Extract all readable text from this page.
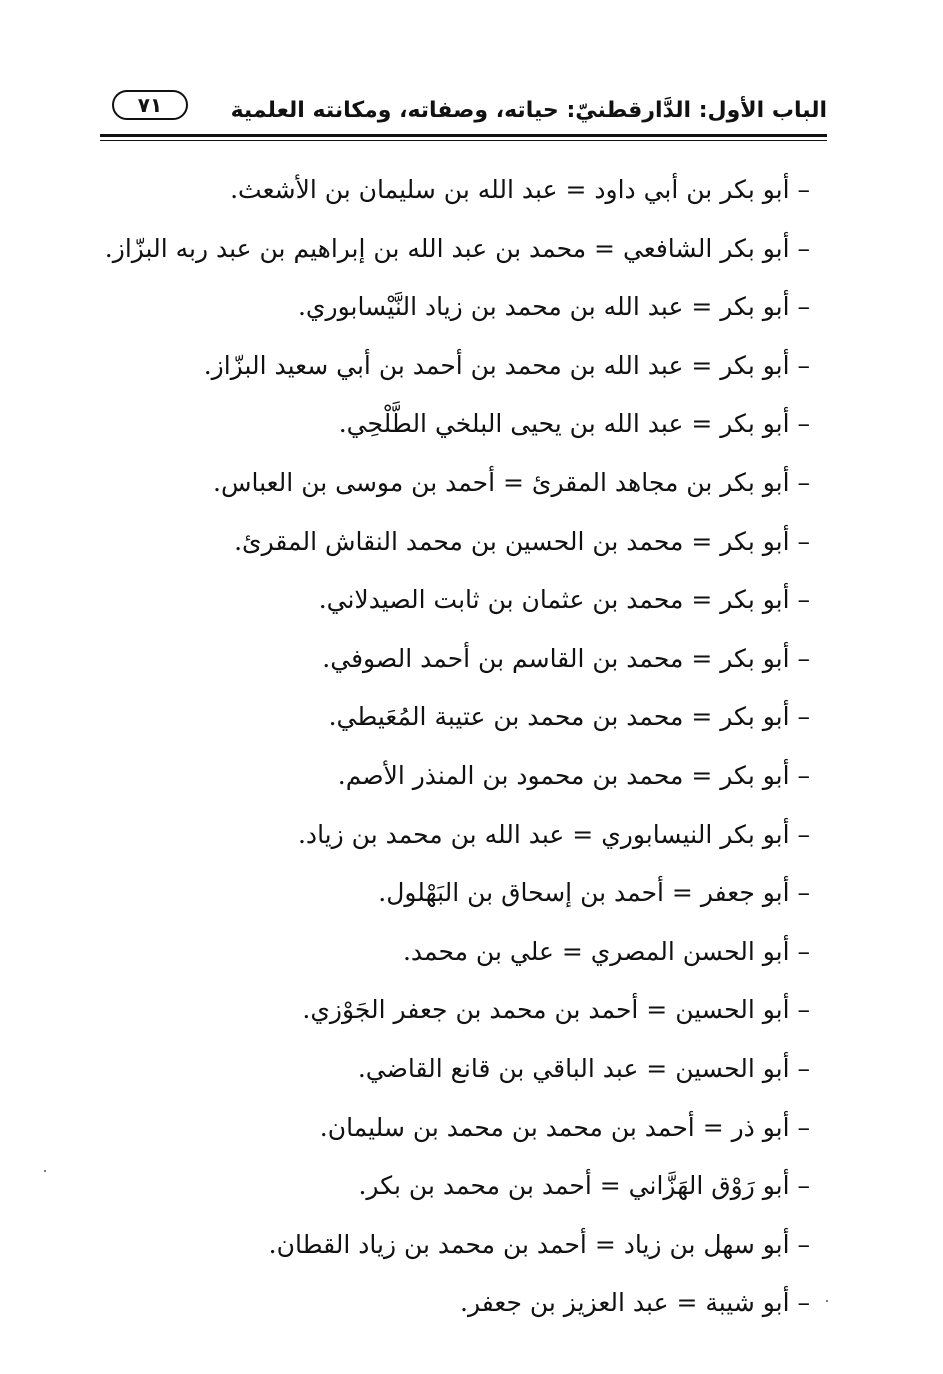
الباب الأول: الدَّارقطنيّ: حياته، وصفاته، ومكانته العلمية
٧١
– أبو بكر بن أبي داود = عبد الله بن سليمان بن الأشعث.
– أبو بكر الشافعي = محمد بن عبد الله بن إبراهيم بن عبد ربه البزّاز.
– أبو بكر = عبد الله بن محمد بن زياد النَّيْسابوري.
– أبو بكر = عبد الله بن محمد بن أحمد بن أبي سعيد البزّاز.
– أبو بكر = عبد الله بن يحيى البلخي الطَّلْحِي.
– أبو بكر بن مجاهد المقرئ = أحمد بن موسى بن العباس.
– أبو بكر = محمد بن الحسين بن محمد النقاش المقرئ.
– أبو بكر = محمد بن عثمان بن ثابت الصيدلاني.
– أبو بكر = محمد بن القاسم بن أحمد الصوفي.
– أبو بكر = محمد بن محمد بن عتيبة المُعَيطي.
– أبو بكر = محمد بن محمود بن المنذر الأصم.
– أبو بكر النيسابوري = عبد الله بن محمد بن زياد.
– أبو جعفر = أحمد بن إسحاق بن البَهْلول.
– أبو الحسن المصري = علي بن محمد.
– أبو الحسين = أحمد بن محمد بن جعفر الجَوْزي.
– أبو الحسين = عبد الباقي بن قانع القاضي.
– أبو ذر = أحمد بن محمد بن محمد بن سليمان.
– أبو رَوْق الهَزَّاني = أحمد بن محمد بن بكر.
– أبو سهل بن زياد = أحمد بن محمد بن زياد القطان.
– أبو شيبة = عبد العزيز بن جعفر.
